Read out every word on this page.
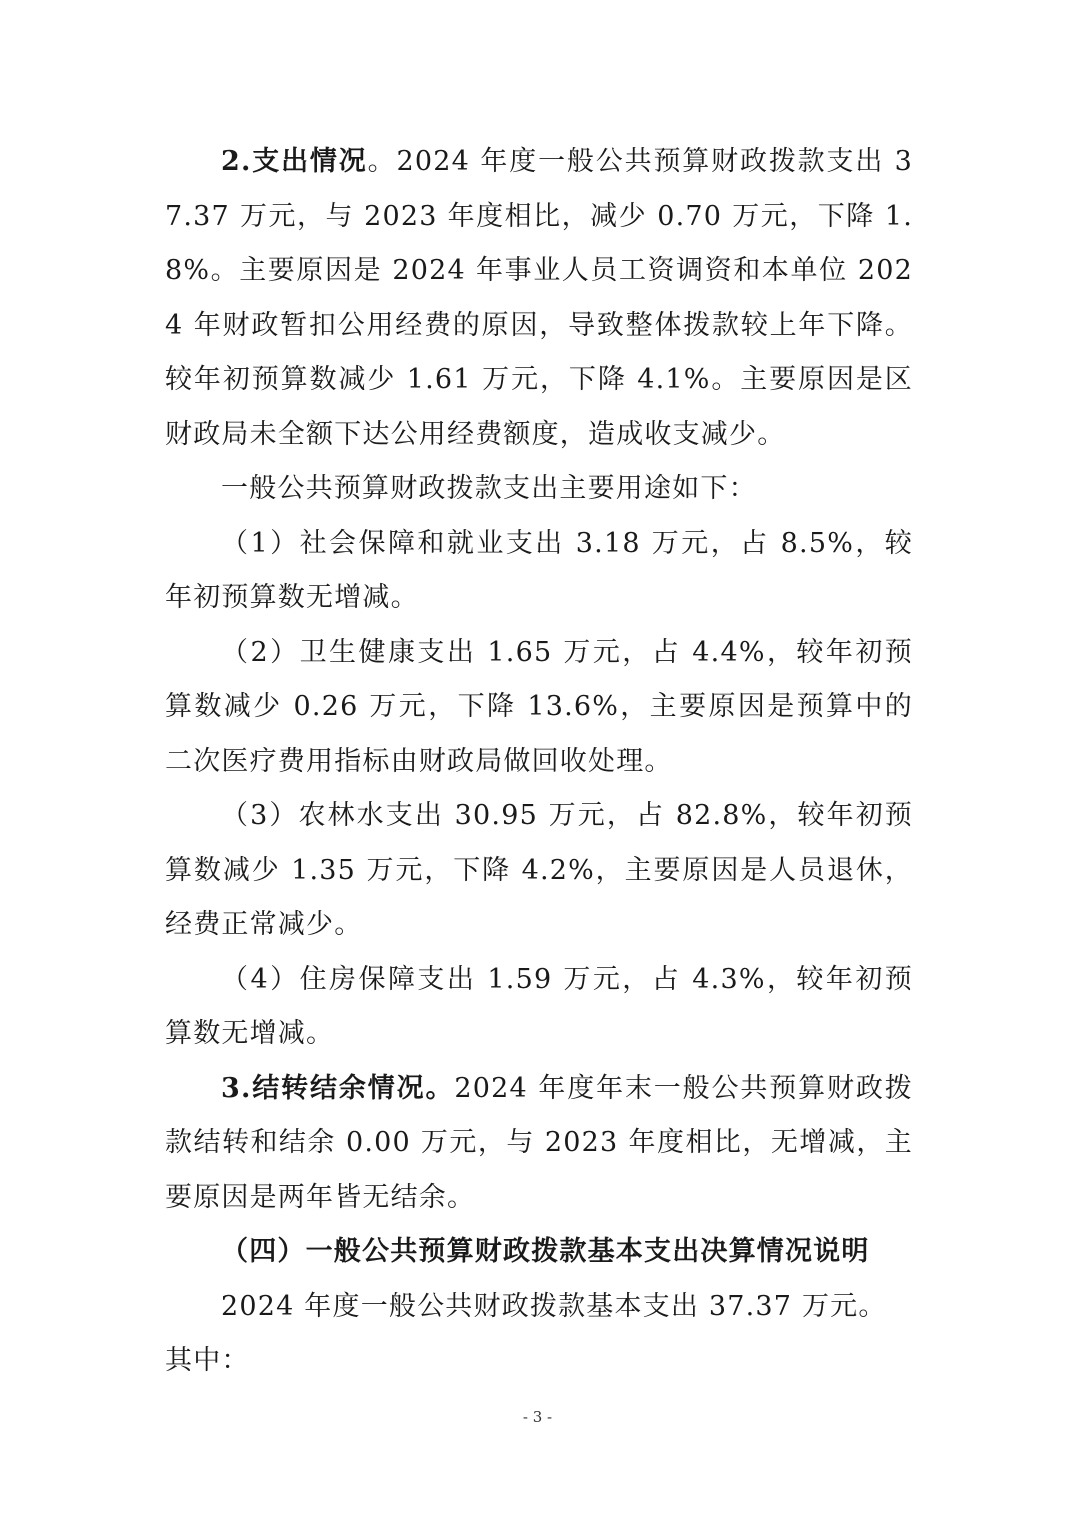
2.支出情况。2024 年度一般公共预算财政拨款支出 37.37 万元，与 2023 年度相比，减少 0.70 万元，下降 1.8%。主要原因是 2024 年事业人员工资调资和本单位 2024 年财政暂扣公用经费的原因，导致整体拨款较上年下降。较年初预算数减少 1.61 万元，下降 4.1%。主要原因是区财政局未全额下达公用经费额度，造成收支减少。

一般公共预算财政拨款支出主要用途如下：

（1）社会保障和就业支出 3.18 万元，占 8.5%，较年初预算数无增减。

（2）卫生健康支出 1.65 万元，占 4.4%，较年初预算数减少 0.26 万元，下降 13.6%，主要原因是预算中的二次医疗费用指标由财政局做回收处理。

（3）农林水支出 30.95 万元，占 82.8%，较年初预算数减少 1.35 万元，下降 4.2%，主要原因是人员退休，经费正常减少。

（4）住房保障支出 1.59 万元，占 4.3%，较年初预算数无增减。

3.结转结余情况。2024 年度年末一般公共预算财政拨款结转和结余 0.00 万元，与 2023 年度相比，无增减，主要原因是两年皆无结余。

（四）一般公共预算财政拨款基本支出决算情况说明

2024 年度一般公共财政拨款基本支出 37.37 万元。

其中：

- 3 -
